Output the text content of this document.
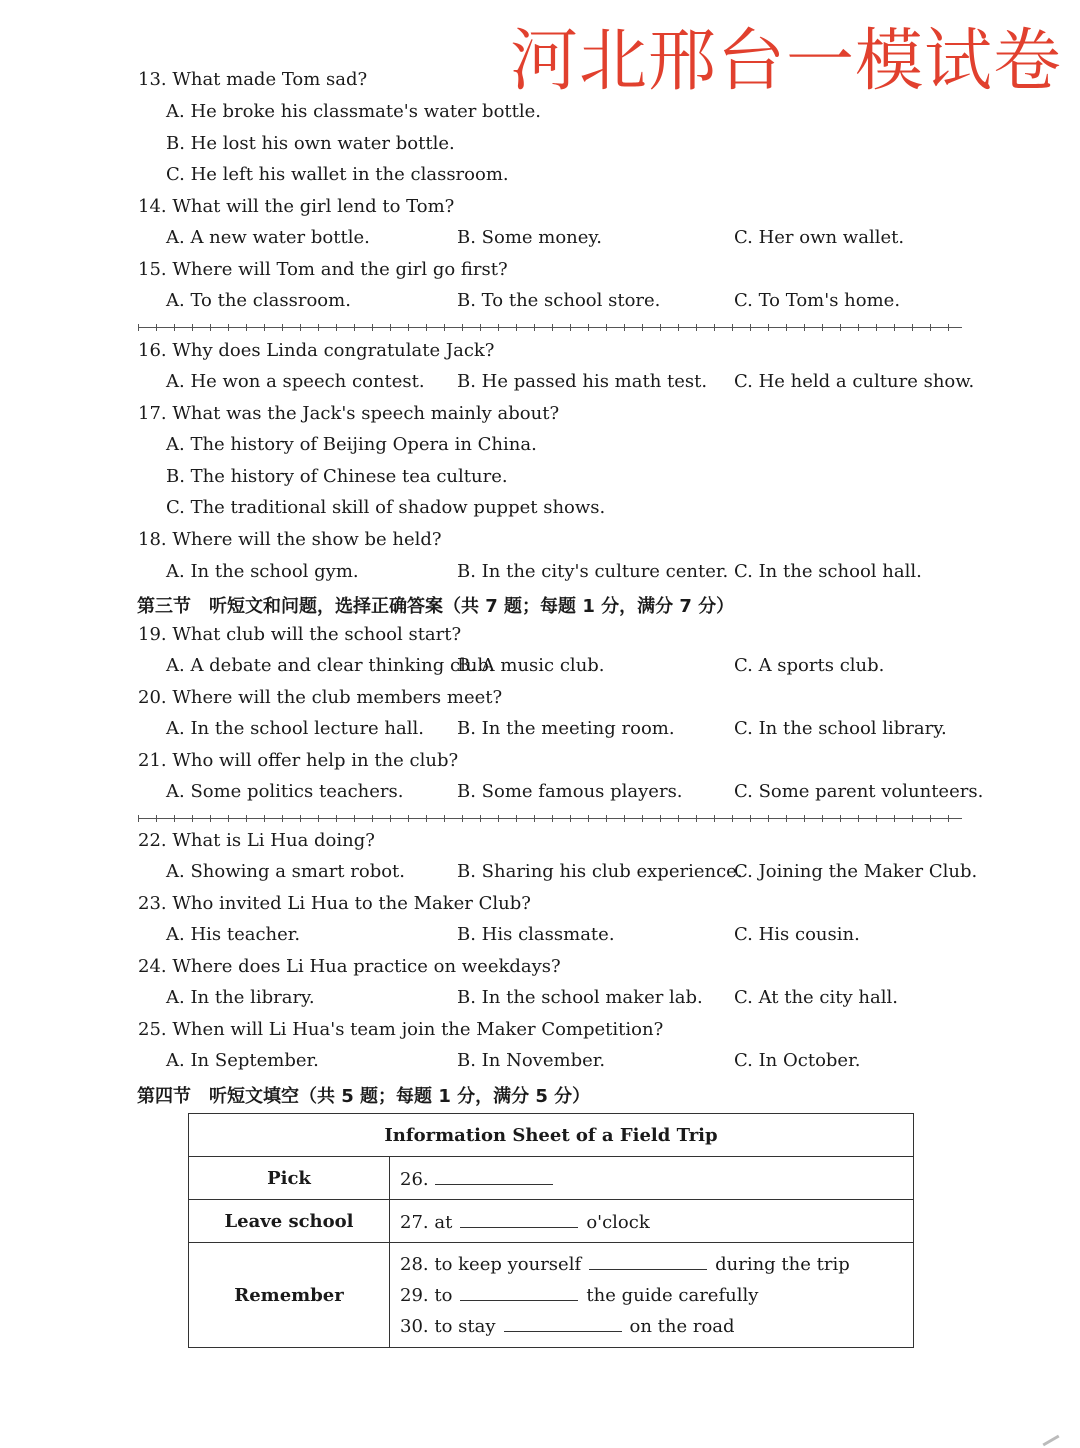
河北邢台一模试卷
13. What made Tom sad?
A. He broke his classmate's water bottle.
B. He lost his own water bottle.
C. He left his wallet in the classroom.
14. What will the girl lend to Tom?
A. A new water bottle.	B. Some money.	C. Her own wallet.
15. Where will Tom and the girl go first?
A. To the classroom.	B. To the school store.	C. To Tom's home.
16. Why does Linda congratulate Jack?
A. He won a speech contest. B. He passed his math test. C. He held a culture show.
17. What was the Jack's speech mainly about?
A. The history of Beijing Opera in China.
B. The history of Chinese tea culture.
C. The traditional skill of shadow puppet shows.
18. Where will the show be held?
A. In the school gym.	B. In the city's culture center. C. In the school hall.
第三节　听短文和问题，选择正确答案（共 7 题；每题 1 分，满分 7 分）
19. What club will the school start?
A. A debate and clear thinking club.
B. A music club.	C. A sports club.
20. Where will the club members meet?
A. In the school lecture hall. B. In the meeting room.	C. In the school library.
21. Who will offer help in the club?
A. Some politics teachers.	B. Some famous players.	C. Some parent volunteers.
22. What is Li Hua doing?
A. Showing a smart robot.	B. Sharing his club experience.
C. Joining the Maker Club.
23. Who invited Li Hua to the Maker Club?
A. His teacher.	B. His classmate.	C. His cousin.
24. Where does Li Hua practice on weekdays?
A. In the library.	B. In the school maker lab. C. At the city hall.
25. When will Li Hua's team join the Maker Competition?
A. In September.	B. In November.	C. In October.
第四节　听短文填空（共 5 题；每题 1 分，满分 5 分）
Information Sheet of a Field Trip	
Pick	26.
Leave school	27. at o'clock
Remember	28. to keep yourself during the trip
29. to the guide carefully
30. to stay on the road
